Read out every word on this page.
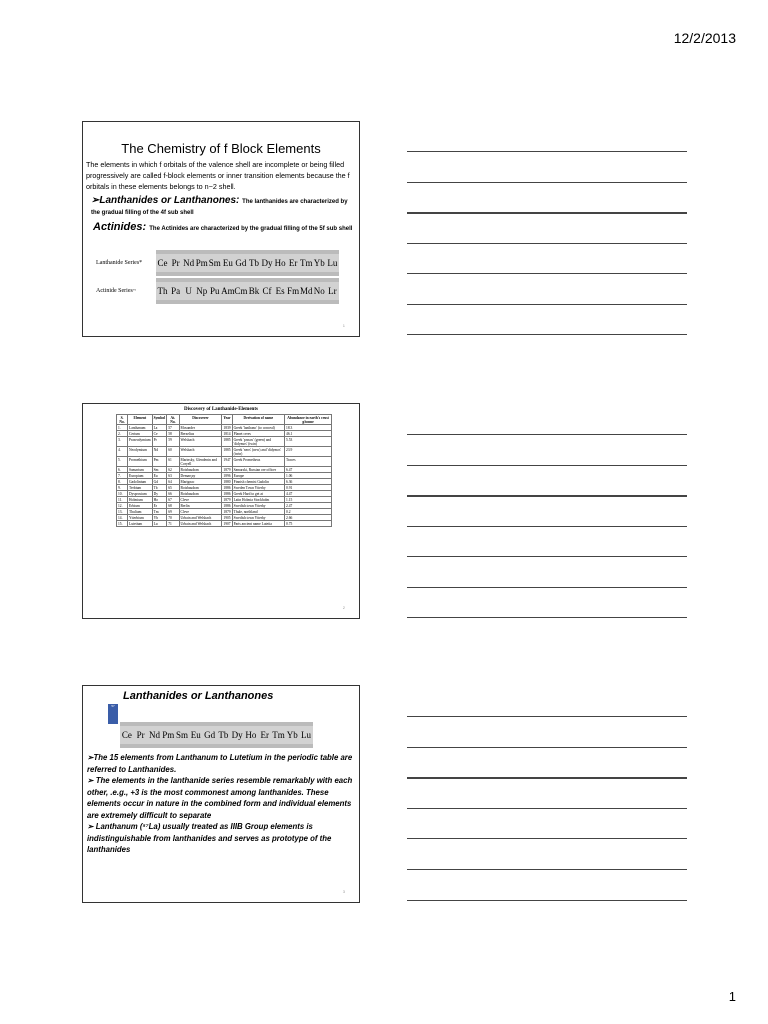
12/2/2013
The Chemistry of f Block Elements
The elements in which f orbitals of the valence shell are incomplete or being filled progressively are called f-block elements or inner transition elements because the f orbitals in these elements belongs to n−2 shell.
➢Lanthanides or Lanthanones: The lanthanides are characterized by the gradual filling of the 4f sub shell
Actinides: The Actinides are characterized by the gradual filling of the 5f sub shell
Lanthanide Series*	Ce Pr Nd Pm Sm Eu Gd Tb Dy Ho Er Tm Yb Lu
Actinide Series~	Th Pa U Np Pu Am Cm Bk Cf Es Fm Md No Lr
1
Discovery of Lanthanide-Elements
S. No.	Element	Symbol	At. No.	Discoverer	Year	Derivation of name	Abundance in earth's crust g/tonne
1.	Lanthanum	La	57	Mosander	1839	Greek 'lanthano' (to conceal)	18.3
2.	Cerium	Ce	58	Berzelius	1814	Planet ceres	46.1
3.	Praseodymium	Pr	59	Welsbach	1885	Greek 'prasos' (green) and 'didymos' (twin)	5.53
4.	Neodymium	Nd	60	Welsbach	1885	Greek 'neos' (new) and 'didymos' (twin)	23.9
5.	Promethium	Pm	61	Marinsky, Glendenin and Coryell	1947	Greek Prometheus	Traces
6.	Samarium	Sm	62	Boisbaudran	1879	Samarski, Russian ore officer	6.47
7.	Europium	Eu	63	Demarçay	1896	Europe	1.06
8.	Gadolinium	Gd	64	Marignac	1880	Finnish chemist Gadolin	6.36
9.	Terbium	Tb	65	Boisbaudran	1886	Sweden Town Ytterby	0.91
10.	Dysprosium	Dy	66	Boisbaudran	1886	Greek Hard to get at	4.47
11.	Holmium	Ho	67	Cleve	1879	Latin Holmia Stockholm	1.15
12.	Erbium	Er	68	Berlin	1886	Swedish town Ytterby	2.47
13.	Thulium	Tm	69	Cleve	1879	Thule, northland	0.2
14.	Ytterbium	Yb	70	Urbain and Welsbach	1905	Swedish town Ytterby	2.66
15.	Lutetium	Lu	71	Urbain and Welsbach	1907	Paris ancient name Lutetia	0.75
2
Lanthanides or Lanthanones
57
Ce Pr Nd Pm Sm Eu Gd Tb Dy Ho Er Tm Yb Lu
➢The 15 elements from Lanthanum to Lutetium in the periodic table are referred to Lanthanides.
➢ The elements in the lanthanide series resemble remarkably with each other, .e.g., +3 is the most commonest among lanthanides. These elements occur in nature in the combined form and individual elements are extremely difficult to separate
➢ Lanthanum (⁵⁷La) usually treated as IIIB Group elements is indistinguishable from lanthanides and serves as prototype of the lanthanides
3
1
